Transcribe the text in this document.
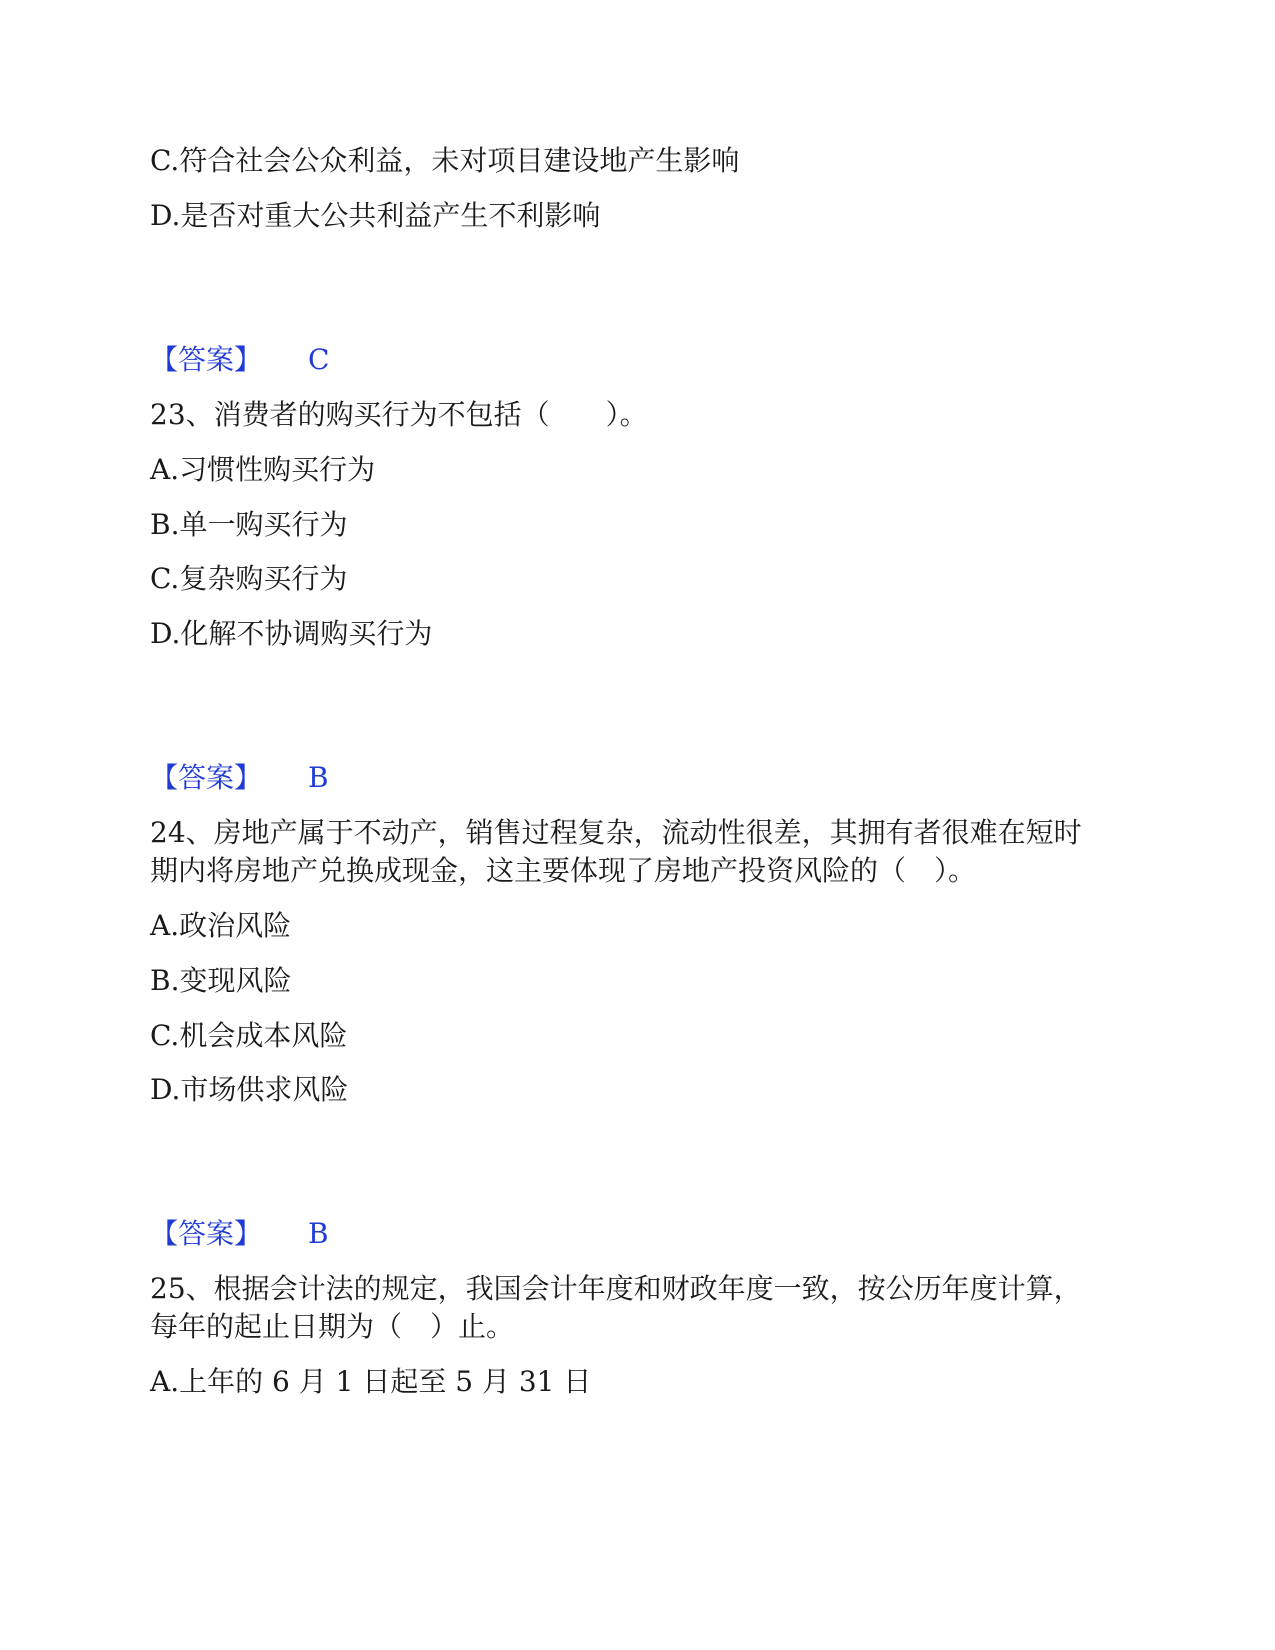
C.符合社会公众利益，未对项目建设地产生影响
D.是否对重大公共利益产生不利影响
【答案】 C
23、消费者的购买行为不包括（　　）。
A.习惯性购买行为
B.单一购买行为
C.复杂购买行为
D.化解不协调购买行为
【答案】 B
24、房地产属于不动产，销售过程复杂，流动性很差，其拥有者很难在短时
期内将房地产兑换成现金，这主要体现了房地产投资风险的（　）。
A.政治风险
B.变现风险
C.机会成本风险
D.市场供求风险
【答案】 B
25、根据会计法的规定，我国会计年度和财政年度一致，按公历年度计算，
每年的起止日期为（　）止。
A.上年的 6 月 1 日起至 5 月 31 日
